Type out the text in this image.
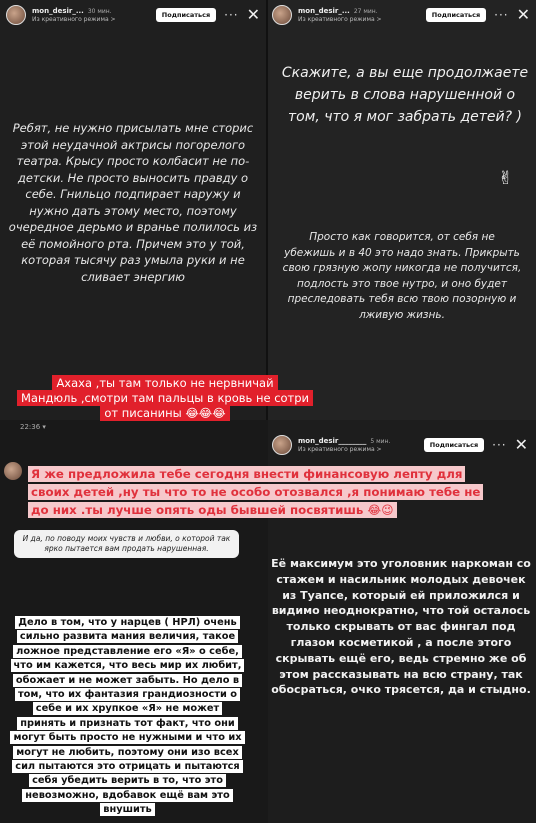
mon_desir_... 30 мин.
Из креативного режима >	Подписаться	··· ✕	mon_desir_... 27 мин.
Из креативного режима >	Подписаться	··· ✕
Ребят, не нужно присылать мне сторис этой неудачной актрисы погорелого театра. Крысу просто колбасит не по-детски. Не просто выносить правду о себе. Гнильцо подпирает наружу и нужно дать этому место, поэтому очередное дерьмо и вранье полилось из её помойного рта. Причем это у той, которая тысячу раз умыла руки и не сливает энергию
Скажите, а вы еще продолжаете верить в слова нарушенной о том, что я мог забрать детей? )
✌
Просто как говорится, от себя не убежишь и в 40 это надо знать. Прикрыть свою грязную жопу никогда не получится, подлость это твое нутро, и оно будет преследовать тебя всю твою позорную и лживую жизнь.
Ахаха ,ты там только не нервничай
Мандюль ,смотри там пальцы в кровь не сотри
от писанины 😂😂😂
22:36 ▾
Я же предложила тебе сегодня внести финансовую лепту для своих детей ,ну ты что то не особо отозвался ,я понимаю тебе не до них .ты лучше опять оды бывшей посвятишь 😂😉
И да, по поводу моих чувств и любви, о которой так ярко пытается вам продать нарушенная.
Дело в том, что у нарцев ( НРЛ) очень сильно развита мания величия, такое ложное представление его «Я» о себе, что им кажется, что весь мир их любит, обожает и не может забыть. Но дело в том, что их фантазия грандиозности о себе и их хрупкое «Я» не может принять и признать тот факт, что они могут быть просто не нужными и что их могут не любить, поэтому они изо всех сил пытаются это отрицать и пытаются себя убедить верить в то, что это невозможно, вдобавок ещё вам это внушить
mon_desir________ 5 мин.
Из креативного режима >	Подписаться	··· ✕
Её максимум это уголовник наркоман со стажем и насильник молодых девочек из Туапсе, который ей приложился и видимо неоднократно, что той осталось только скрывать от вас фингал под глазом косметикой , а после этого скрывать ещё его, ведь стремно же об этом рассказывать на всю страну, так обосраться, очко трясется, да и стыдно.
